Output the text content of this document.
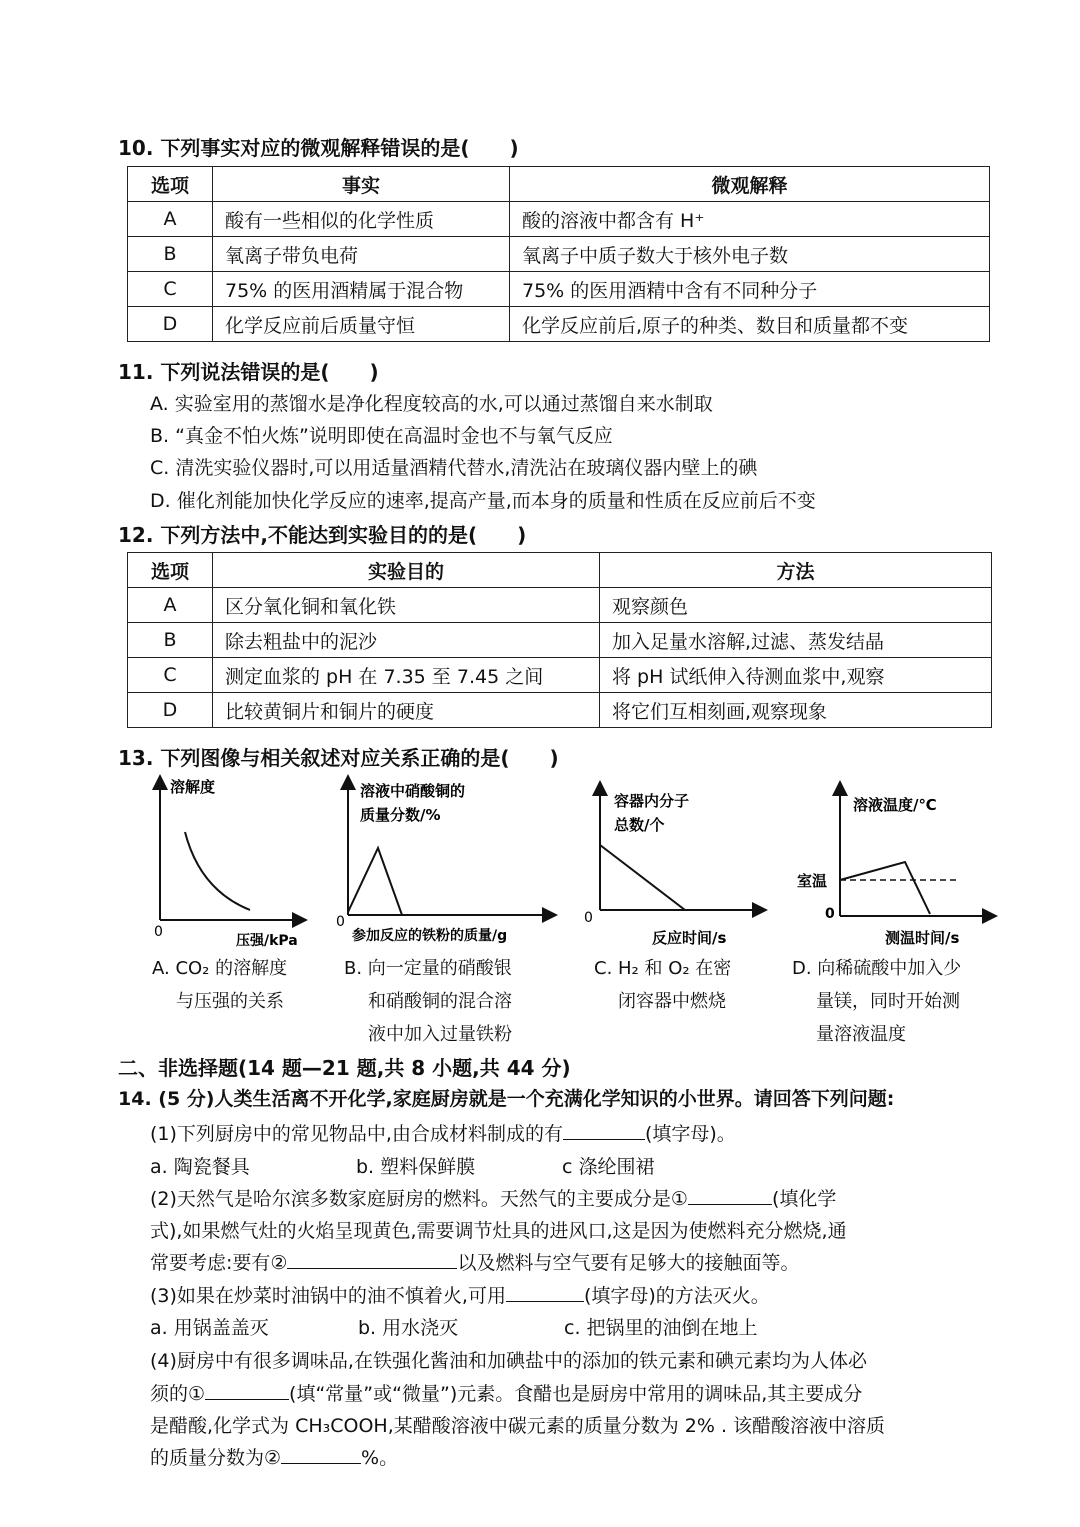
10. 下列事实对应的微观解释错误的是(　　)
选项	事实	微观解释
A	酸有一些相似的化学性质	酸的溶液中都含有 H⁺
B	氧离子带负电荷	氧离子中质子数大于核外电子数
C	75% 的医用酒精属于混合物	75% 的医用酒精中含有不同种分子
D	化学反应前后质量守恒	化学反应前后,原子的种类、数目和质量都不变
11. 下列说法错误的是(　　)
A. 实验室用的蒸馏水是净化程度较高的水,可以通过蒸馏自来水制取
B. “真金不怕火炼”说明即使在高温时金也不与氧气反应
C. 清洗实验仪器时,可以用适量酒精代替水,清洗沾在玻璃仪器内壁上的碘
D. 催化剂能加快化学反应的速率,提高产量,而本身的质量和性质在反应前后不变
12. 下列方法中,不能达到实验目的的是(　　)
选项	实验目的	方法
A	区分氧化铜和氧化铁	观察颜色
B	除去粗盐中的泥沙	加入足量水溶解,过滤、蒸发结晶
C	测定血浆的 pH 在 7.35 至 7.45 之间	将 pH 试纸伸入待测血浆中,观察
D	比较黄铜片和铜片的硬度	将它们互相刻画,观察现象
13. 下列图像与相关叙述对应关系正确的是(　　)
溶解度
0
压强/kPa
A. CO₂ 的溶解度
与压强的关系
溶液中硝酸铜的
质量分数/%
0
参加反应的铁粉的质量/g
B. 向一定量的硝酸银
和硝酸铜的混合溶
液中加入过量铁粉
容器内分子
总数/个
0
反应时间/s
C. H₂ 和 O₂ 在密
闭容器中燃烧
溶液温度/℃
室温
0
测温时间/s
D. 向稀硫酸中加入少
量镁，同时开始测
量溶液温度
二、非选择题(14 题—21 题,共 8 小题,共 44 分)
14. (5 分)人类生活离不开化学,家庭厨房就是一个充满化学知识的小世界。请回答下列问题:
(1)下列厨房中的常见物品中,由合成材料制成的有	(填字母)。
a. 陶瓷餐具	b. 塑料保鲜膜	c 涤纶围裙
(2)天然气是哈尔滨多数家庭厨房的燃料。天然气的主要成分是①	(填化学
式),如果燃气灶的火焰呈现黄色,需要调节灶具的进风口,这是因为使燃料充分燃烧,通
常要考虑:要有②	以及燃料与空气要有足够大的接触面等。
(3)如果在炒菜时油锅中的油不慎着火,可用	(填字母)的方法灭火。
a. 用锅盖盖灭	b. 用水浇灭	c. 把锅里的油倒在地上
(4)厨房中有很多调味品,在铁强化酱油和加碘盐中的添加的铁元素和碘元素均为人体必
须的①	(填“常量”或“微量”)元素。食醋也是厨房中常用的调味品,其主要成分
是醋酸,化学式为 CH₃COOH,某醋酸溶液中碳元素的质量分数为 2% . 该醋酸溶液中溶质
的质量分数为②	%。
